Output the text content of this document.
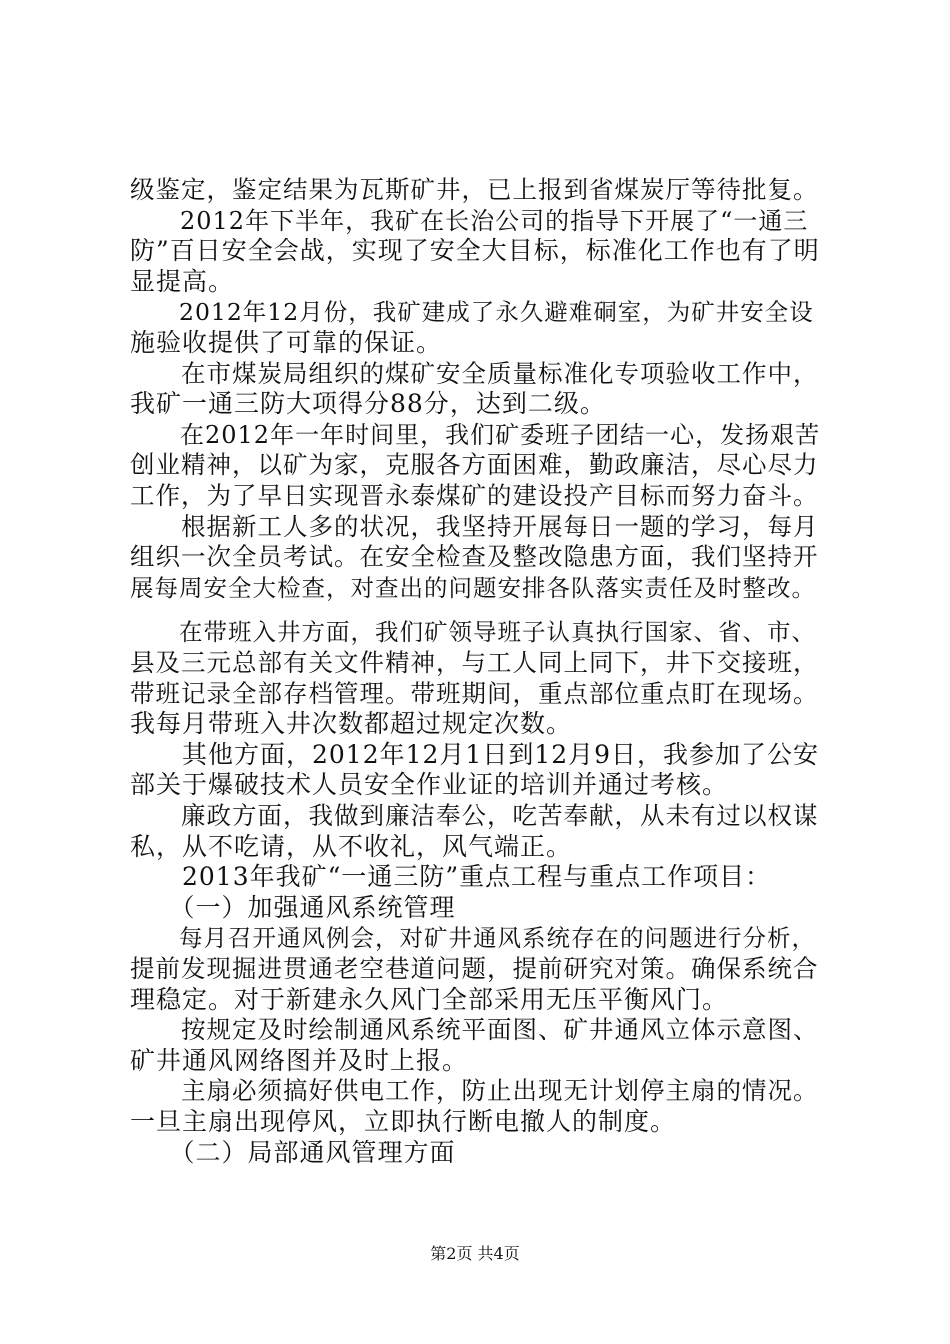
级鉴定，鉴定结果为瓦斯矿井，已上报到省煤炭厅等待批复。
　　2012年下半年，我矿在长治公司的指导下开展了“一通三
防”百日安全会战，实现了安全大目标，标准化工作也有了明
显提高。
　　2012年12月份，我矿建成了永久避难硐室，为矿井安全设
施验收提供了可靠的保证。
　　在市煤炭局组织的煤矿安全质量标准化专项验收工作中，
我矿一通三防大项得分88分，达到二级。
　　在2012年一年时间里，我们矿委班子团结一心，发扬艰苦
创业精神，以矿为家，克服各方面困难，勤政廉洁，尽心尽力
工作，为了早日实现晋永泰煤矿的建设投产目标而努力奋斗。
　　根据新工人多的状况，我坚持开展每日一题的学习，每月
组织一次全员考试。在安全检查及整改隐患方面，我们坚持开
展每周安全大检查，对查出的问题安排各队落实责任及时整改。
　　在带班入井方面，我们矿领导班子认真执行国家、省、市、
县及三元总部有关文件精神，与工人同上同下，井下交接班，
带班记录全部存档管理。带班期间，重点部位重点盯在现场。
我每月带班入井次数都超过规定次数。
　　其他方面，2012年12月1日到12月9日，我参加了公安
部关于爆破技术人员安全作业证的培训并通过考核。
　　廉政方面，我做到廉洁奉公，吃苦奉献，从未有过以权谋
私，从不吃请，从不收礼，风气端正。
　　2013年我矿“一通三防”重点工程与重点工作项目：
　　（一）加强通风系统管理
　　每月召开通风例会，对矿井通风系统存在的问题进行分析，
提前发现掘进贯通老空巷道问题，提前研究对策。确保系统合
理稳定。对于新建永久风门全部采用无压平衡风门。
　　按规定及时绘制通风系统平面图、矿井通风立体示意图、
矿井通风网络图并及时上报。
　　主扇必须搞好供电工作，防止出现无计划停主扇的情况。
一旦主扇出现停风，立即执行断电撤人的制度。
　　（二）局部通风管理方面
第2页 共4页
